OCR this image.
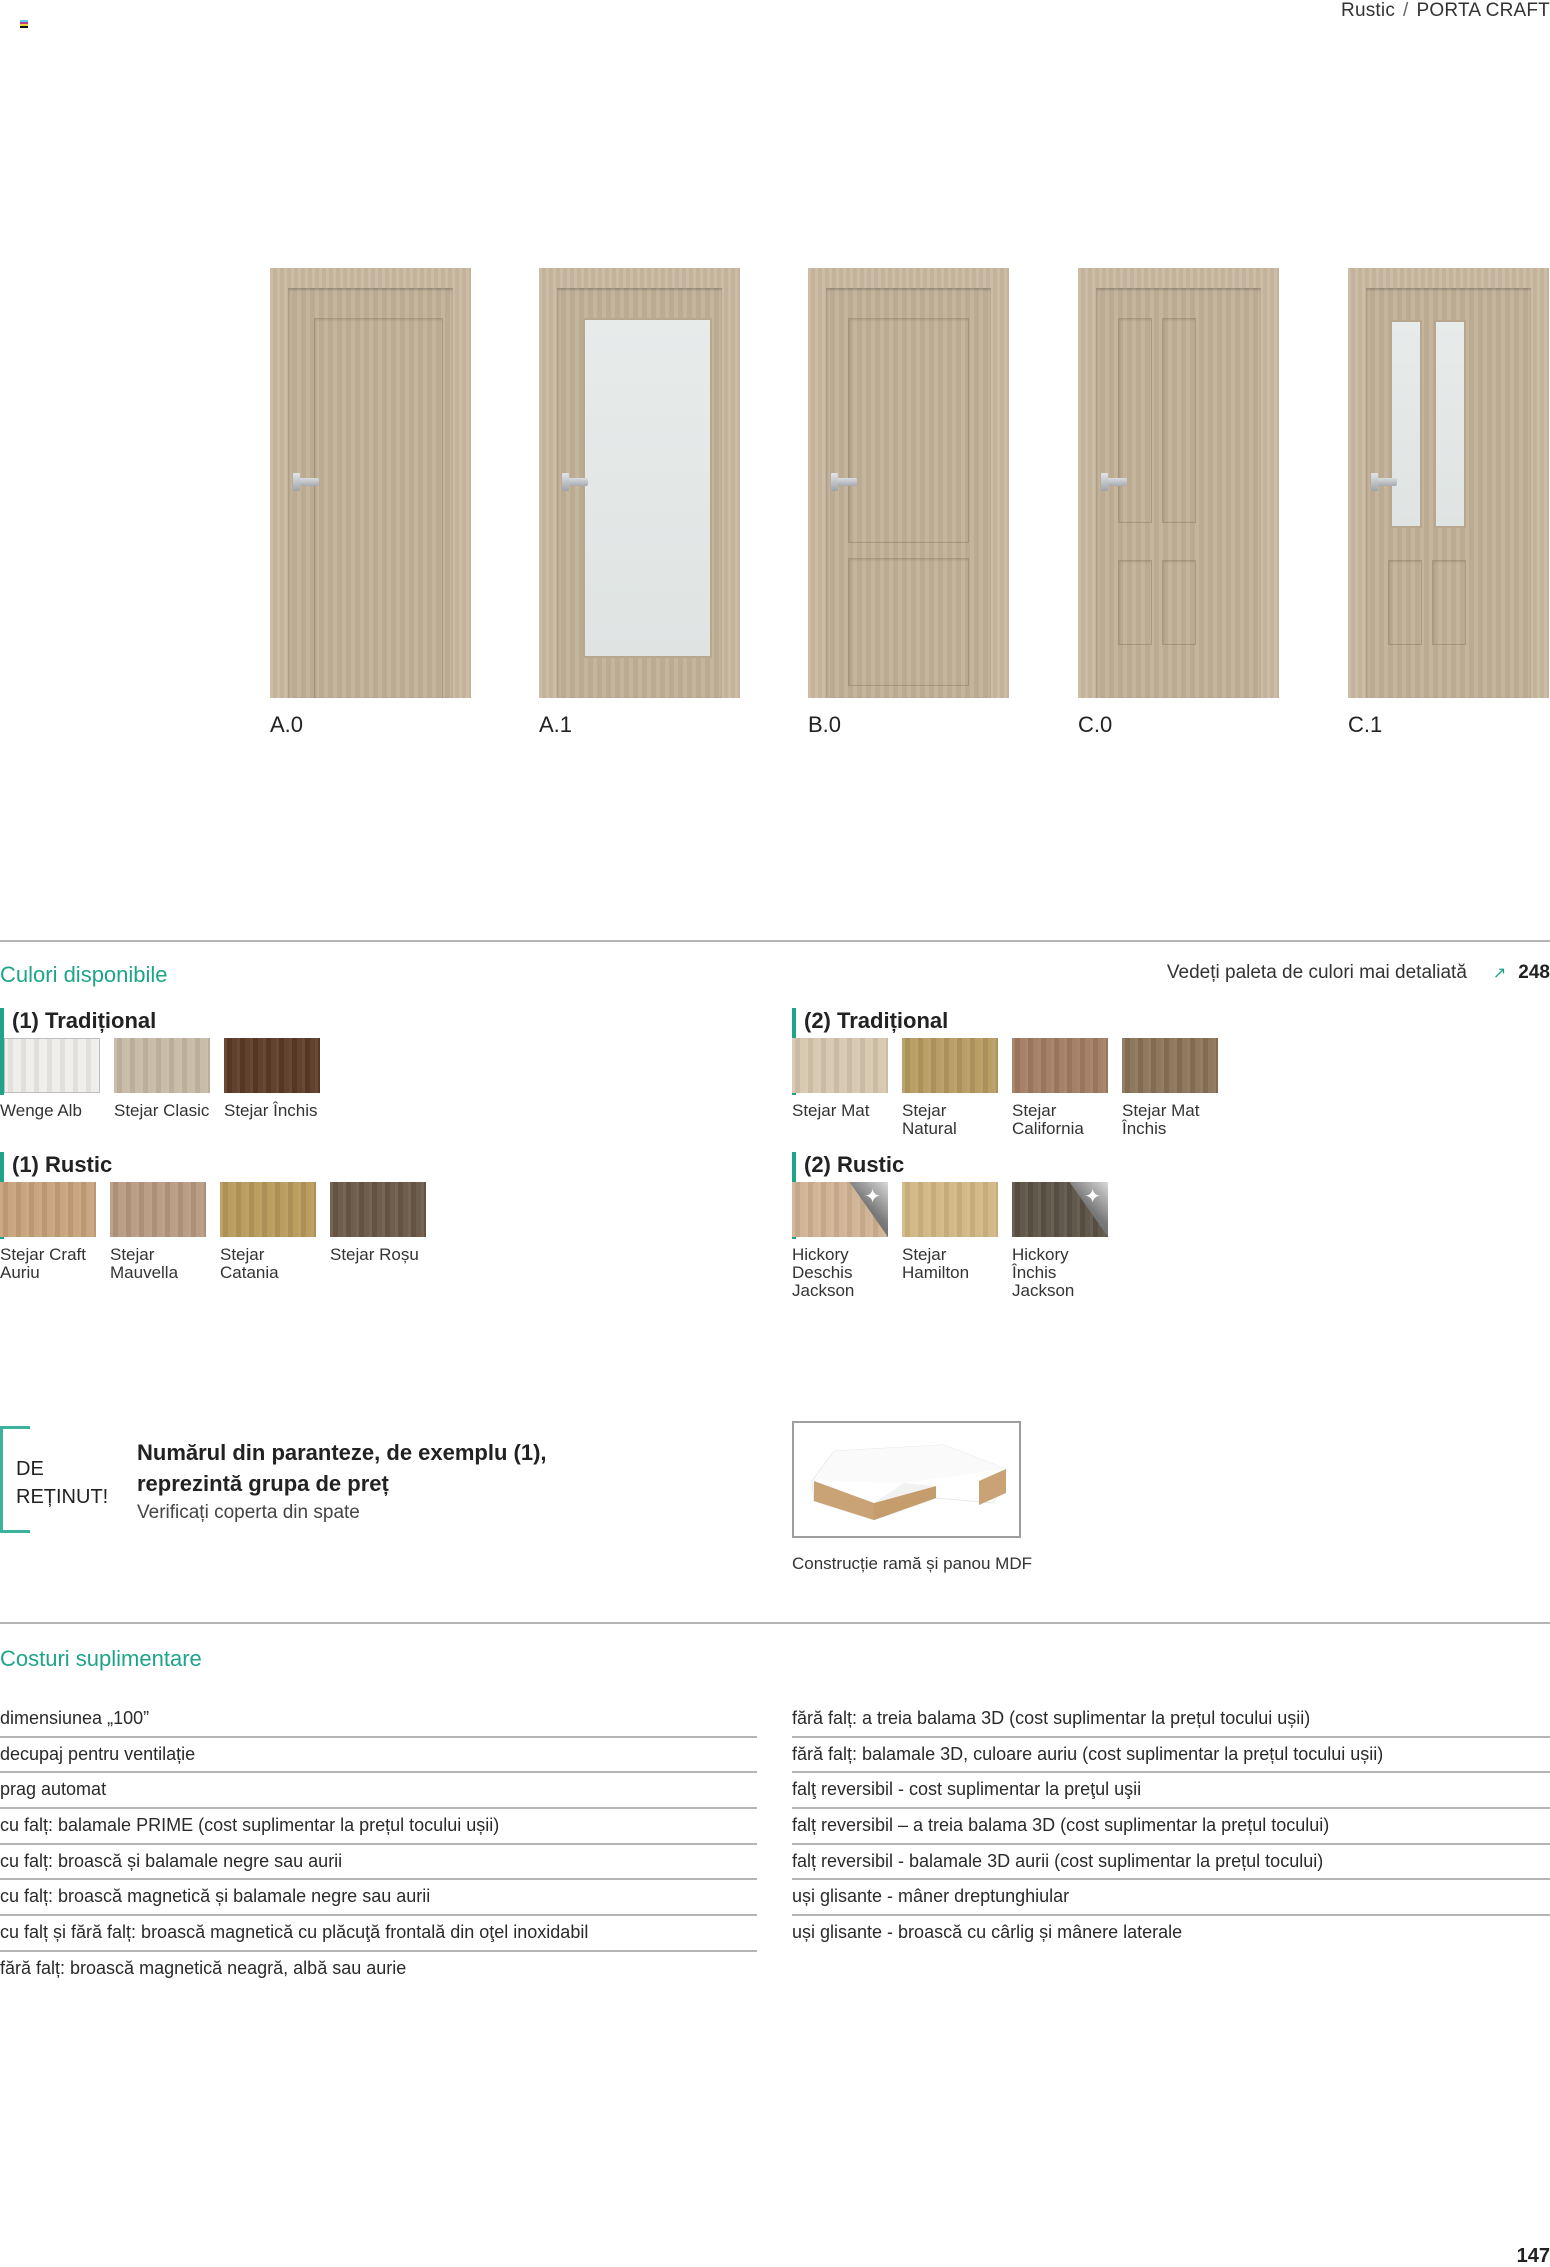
Rustic / PORTA CRAFT
A.0	A.1	B.0	C.0	C.1
Culori disponibile	Vedeți paleta de culori mai detaliată ↗ 248
(1) Tradițional
Wenge Alb	Stejar Clasic Stejar Închis
(1) Rustic
Stejar Craft Auriu
Stejar Mauvella
Stejar Catania
Stejar Roșu
(2) Tradițional
Stejar Mat	Stejar Natural
Stejar California
Stejar Mat Închis
(2) Rustic
✦
Hickory Deschis Jackson
Stejar Hamilton
✦
Hickory Închis Jackson
DE
REȚINUT!
Numărul din paranteze, de exemplu (1),
reprezintă grupa de preț
Verificați coperta din spate
Construcție ramă și panou MDF
Costuri suplimentare
dimensiunea „100”
decupaj pentru ventilație
prag automat
cu falț: balamale PRIME (cost suplimentar la prețul tocului ușii)
cu falț: broască și balamale negre sau aurii
cu falț: broască magnetică și balamale negre sau aurii
cu falț și fără falț: broască magnetică cu plăcuţă frontală din oţel inoxidabil
fără falț: broască magnetică neagră, albă sau aurie
fără falț: a treia balama 3D (cost suplimentar la prețul tocului ușii)
fără falț: balamale 3D, culoare auriu (cost suplimentar la prețul tocului ușii)
falţ reversibil - cost suplimentar la preţul uşii
falț reversibil – a treia balama 3D (cost suplimentar la prețul tocului)
falț reversibil - balamale 3D aurii (cost suplimentar la prețul tocului)
uși glisante - mâner dreptunghiular
uși glisante - broască cu cârlig și mânere laterale
147
